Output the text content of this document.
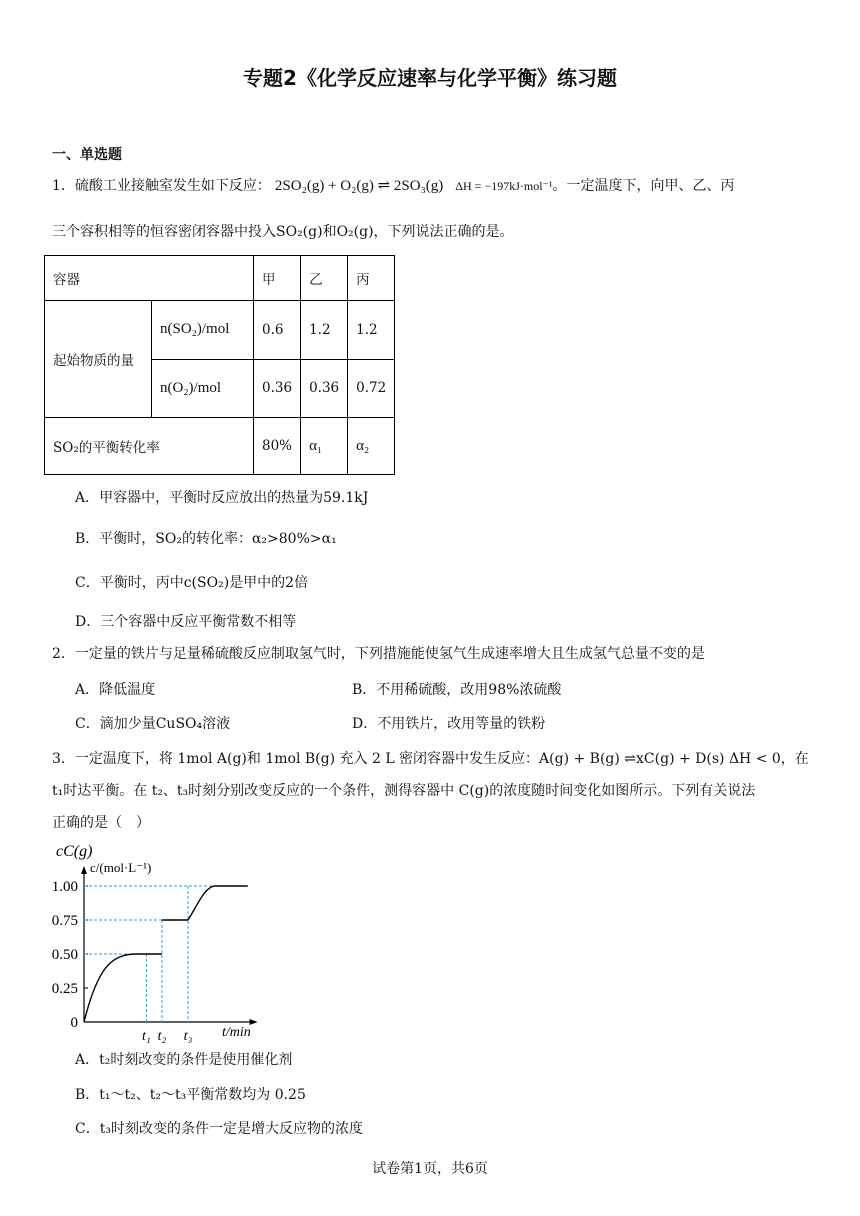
专题2《化学反应速率与化学平衡》练习题
一、单选题
1．硫酸工业接触室发生如下反应： 2SO₂(g) + O₂(g) ⇌ 2SO₃(g) ΔH = −197kJ·mol⁻¹。一定温度下，向甲、乙、丙
三个容积相等的恒容密闭容器中投入SO₂(g)和O₂(g)，下列说法正确的是。
容器		甲	乙	丙
起始物质的量	n(SO₂)/mol	0.6	1.2	1.2
	n(O₂)/mol	0.36	0.36	0.72
SO₂的平衡转化率		80%	α₁	α₂
A．甲容器中，平衡时反应放出的热量为59.1kJ
B．平衡时，SO₂的转化率：α₂>80%>α₁
C．平衡时，丙中c(SO₂)是甲中的2倍
D．三个容器中反应平衡常数不相等
2．一定量的铁片与足量稀硫酸反应制取氢气时，下列措施能使氢气生成速率增大且生成氢气总量不变的是
A．降低温度	B．不用稀硫酸，改用98%浓硫酸
C．滴加少量CuSO₄溶液	D．不用铁片，改用等量的铁粉
3．一定温度下，将 1mol A(g)和 1mol B(g) 充入 2 L 密闭容器中发生反应：A(g) + B(g) ⇌xC(g) + D(s) ΔH < 0，在
t₁时达平衡。在 t₂、t₃时刻分别改变反应的一个条件，测得容器中 C(g)的浓度随时间变化如图所示。下列有关说法
正确的是（　）
cC(g)
c/(mol·L⁻¹)
t/min
1.00
0.75
0.50
0.25
0
t₁ t₂ t₃
A．t₂时刻改变的条件是使用催化剂
B．t₁～t₂、t₂～t₃平衡常数均为 0.25
C．t₃时刻改变的条件一定是增大反应物的浓度
试卷第1页，共6页
